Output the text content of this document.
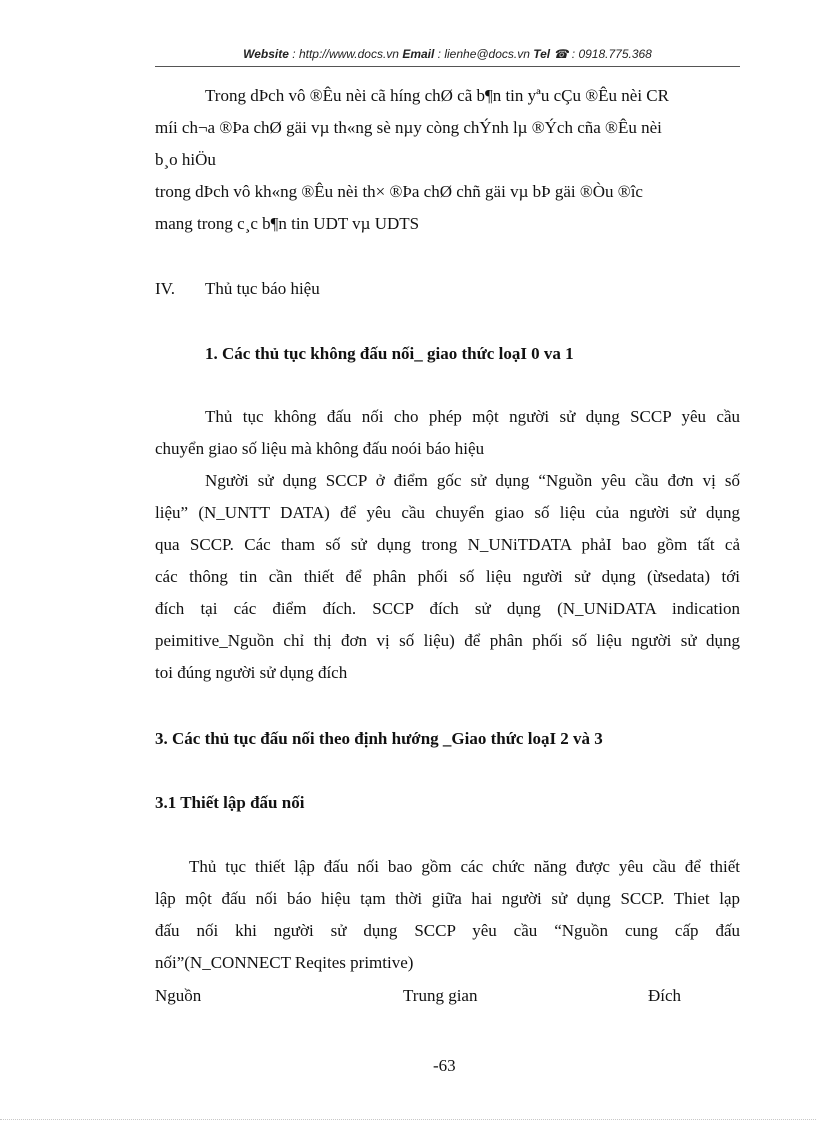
Website : http://www.docs.vn Email : lienhe@docs.vn Tel ☎ : 0918.775.368
Trong dÞch vô ®Êu nèi cã híng chØ cã b¶n tin yªu cÇu ®Êu nèi CR
míi ch¬a ®Þa chØ gäi vµ th«ng sè nµy còng chÝnh lµ ®Ých cña ®Êu nèi
b¸o hiÖu
trong dÞch vô kh«ng ®Êu nèi th× ®Þa chØ chñ gäi vµ bÞ gäi ®Òu ®îc
mang trong c¸c b¶n tin UDT vµ UDTS
IV. Thủ tục báo hiệu
1. Các thủ tục không đấu nối_ giao thức loạI 0 va 1
Thủ tục không đấu nối cho phép một người sử dụng SCCP yêu cầu
chuyển giao số liệu mà không đấu noói báo hiệu
Người sử dụng SCCP ở điểm gốc sử dụng “Nguồn yêu cầu đơn vị số
liệu” (N_UNTT DATA) để yêu cầu chuyển giao số liệu của người sử dụng
qua SCCP. Các tham số sử dụng trong N_UNiTDATA phảI bao gồm tất cả
các thông tin cần thiết để phân phối số liệu người sử dụng (ừsedata) tới
đích tại các điểm đích. SCCP đích sử dụng (N_UNiDATA indication
peimitive_Nguồn chỉ thị đơn vị số liệu) để phân phối số liệu người sử dụng
toi đúng người sử dụng đích
3. Các thủ tục đấu nối theo định hướng _Giao thức loạI 2 và 3
3.1 Thiết lập đấu nối
Thủ tục thiết lập đấu nối bao gồm các chức năng được yêu cầu để thiết
lập một đấu nối báo hiệu tạm thời giữa hai người sử dụng SCCP. Thiet lạp
đấu nối khi người sử dụng SCCP yêu cầu “Nguồn cung cấp đấu
nối”(N_CONNECT Reqites primtive)
Nguồn	Trung gian	Đích
-63
